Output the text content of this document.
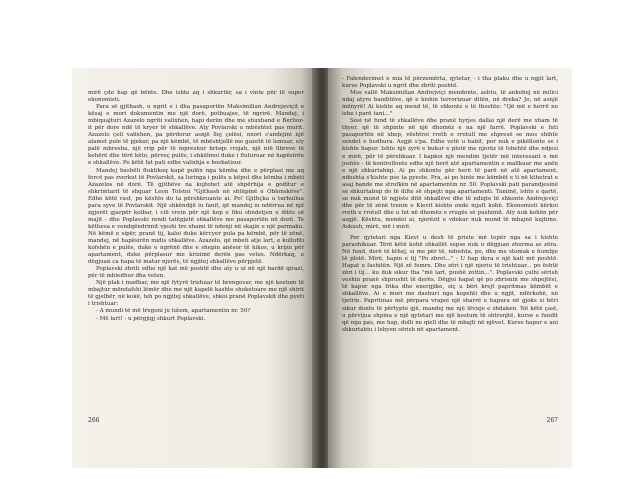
mirë çdo hap që bënte. Dhe ishte aq i shkurtër, sa i vinte për të super ekonomisti.

Para së gjithash, u ngrit e i dha pasaportën Maksimilian Andrejeviçit e kësaj e mori dokumentin me një dorë, pothuajse, të ngrirë. Mandej, i mbiquajturi Azazelo ngriti valixhen, hapi derën dhe me shuxhand e Berlioz-it për dore ndë të kryer të shkallëve. Aty Povlarski u mbështet pas murit. Azazelo çeli valixhen, pa përdorur asnjë lloj çelësi, nxori s'andejmi një alamet pule të pjekur, pa një këmbë, të mbështjellë me gazetë të lemuar, ely palë mbresha, një rrip për të mpreshur brisqe rrojah, një ntë libreve të kehërë dhe tërë këto, përveç pulës, i shkëlmoi duke i fluturuar në hapësirën e shkallëve. Po këtë fat pati edhe valixhja e bosbatisur.

Mandej bashëli fluktikoq kapë pulën nga këmba dhe e përplasi me aq forcë pas zverkut të Povlarskit, sa luringa i pulës u këput dhe këmba i mbeti Azazelos në dorë. Të gjithëve na kujtohet atë shpërhija e goditur e shkrimtarit të shquar Leon Tolstoi "Gjithash në shtëpinë e Oblonskëve". Edhe këtë rast, po kështo do ta përshkruante ai. Po! Gjithçka u turbullua para syve të Povlarskit. Një shkëndijë iu fanit, që mandej iu ndërrua në një zgjerët gjarpër kolbar, i cili vrein për një hop e fiku shndetjen e ditës së majit - dhe Poplavski rendi tatëpjetë shkallëve me pasaportën në dorë. Te këthesa e vendqëndrimit vjeshi tre xhami të ndenji në skajin e një parmaku. Në këmë e sipër, pranë tij, kaloi duke kërcyer pula pa këmbë, për të zënë, mandej, në hapësirën midis shkallëve. Azazelo, që mbeti atje lart, e kullufiti kofshën e pulës, duke e ngrënë dhe e shepin anësor të kikos, u krijoi për apartament, duke përplasur me krizimë derën pas vetes. Ndërkaq, u dëgjuan ca hapa të matur njerës, të ngjitej shkallëve përpjetë.

Poplavski zbriti edhe një kat më poshtë dhe aty u ul në një bardë qirazi, për të mbledhur dha veten.

Një plak i madhar, me një fytyrë trishuar të brengosur, me një kostum të mbajtur mëndafshi lëmër dhe me një kapelë kashte shoketoare me një shirit të gjelbër, në kokë, teh po ngjitej shkallëve, shkoi pranë Poplavskit dhe pyeti i trishtuar:

- A mundi të më tregoni ju lutem, apartamentin nr. 50?

- Më lart! - u përgjigj shkurt Poplavski.

266

- Falenderimet e mia të përzemërta, qytetar, - i tha plaku dhe u ngjit lart, kurse Poplavski u ngrit dhe zbriti poshtë.

Mos vallë Maksimilian Andrejviçi mendonte, ashtu, të ankohej në milici ndaj atyre banditëve, që e kishin terrorizuar ditën, në dreka? Jo, në asnjë mënyrë! Ai kishte aq mend të, të shkonte e të thoshte: "Që më e herrë ne ishe i parë tani..."

Sosi në fund të shkallëve dhe pranë hyrjes dallai një derë me xham të thyer, që të shpinte në një dhomëz e na një farrë. Poplavski e futi pasaportën në xhep, vështroi rreth e rrotull me shpresë se mos shihte sendet e hedhura. Asgjë s'pa. Edhe vetë u habit, por nuk e pikëllonte se i kishte hapur. Ishte një zyrë e bukur e plotë me njerëz të fshehtë dhe ndjesi e mirë, për të përshkuar. I kapkoi një mendim tjetër më interesant e më joshës - të kontrollonte edhe një herë atë apartamentin e mallkuar me anën e një shkurtabiqi. Ai po shkonte për herë të parë në atë apartament, ndoshta s'kishte pse ta pyeste. Pra, ai po hinte me këmbët e ti në kthetrat e asaj bande me strofkën në apartamentin nr. 50. Poplavski pati parandjesinë se shkurtabiqi do të dilte së shpejti nga apartamenti. Tanimë, ishte e qartë, se nuk mund të ngjiste ditë shkallëve dhe të ndiqte të shkonte Andrejeviçi dhe për të zënë trenin e Kievit kishte ende mjaft kohë. Ekonomisti kërkoi rreth e rrotull dhe u fut në dhomëz e rrugës së pushimit. Aty nuk kohën për asgjë. Kështu, mendoi ai, njerëzit e vdekur nuk mund të mbajnë kujtime. Askush, mirë, më i mirë.

Por qytetari nga Kievi u desh të priste më tepër nga sa i kishte parashikuar. Tërë këtë kohë shkallët sepse nuk u dëgjuan zhurma as zëra. Në fund, derë të kthej, si me për të, ndoshta, po, dhe me stomak e humbje të plotë. Mirë, hapin e tij "Po zbret..." - U hap dera e një kati më poshtë. Hapat u fashitën. Një zë femre. Dhe zëri i një njeriu të trishtuar... po është zëri i tij... ku duk sikur tha "më lart, pushë zottin...". Poplavski çulhi sërish veshin pranë shprushit të derës. Dëgjoi hapat që po zbrisnin me shpejtësi, të kapur nga frika dhe energjike, siç u bëri krejt papritmas këmbët e shkallëve. Ai e mori me dashuri nga kopshti dhe u ngjit, ndërkohë, në tjetrin. Papritmas më përpara vrapoi një sharrë e hapura në gjoks si bëri sikur donte të përtypte gjë, mandej me një lëvizje e zhdaken. Në këtë çast, u përvijua shpina e një qytetari me një kostum të shtrenjtë, kurse e fundit që nga pas, me hap, dolli ne qiell dhe të mbajti në njëvet. Kurse hapur e ani shkurtabiu i lebyen sërish në apartament.

267
